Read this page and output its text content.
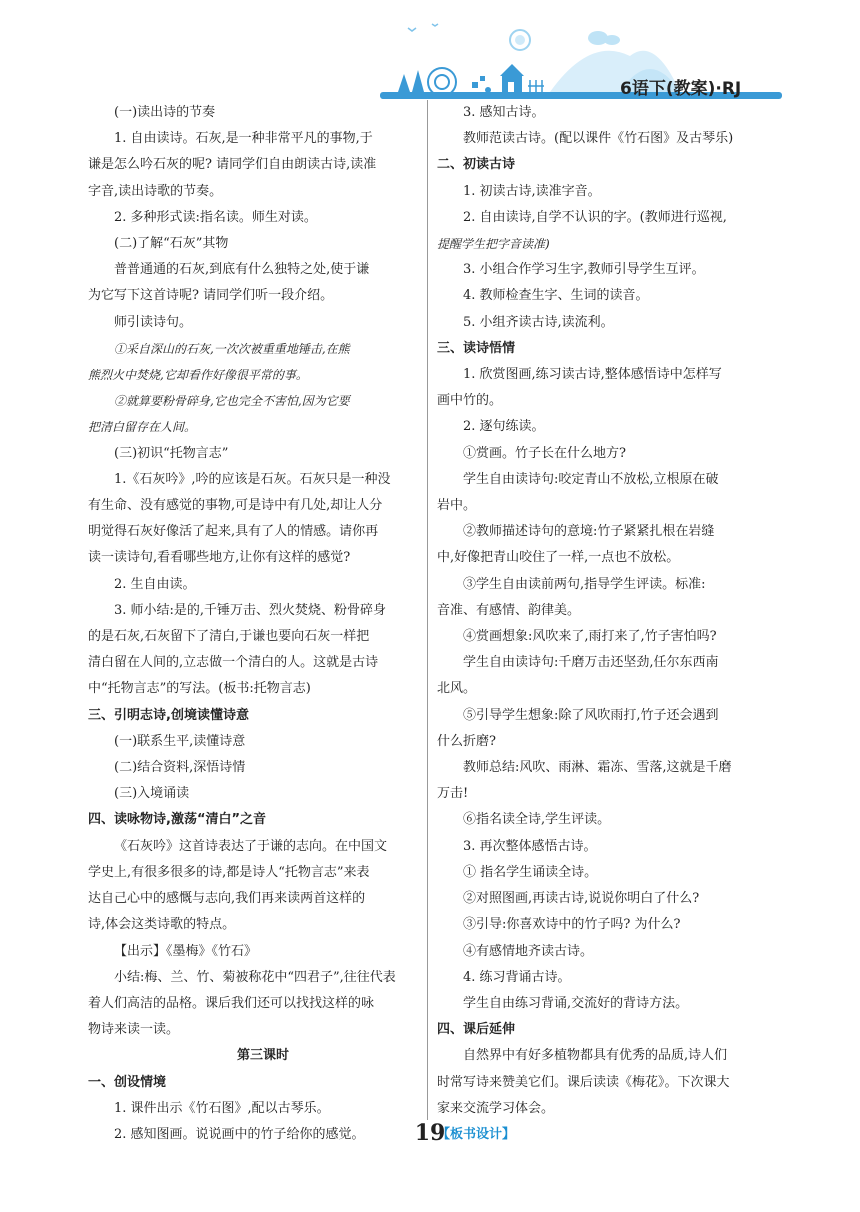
6语下(教案)·RJ
(一)读出诗的节奏
1. 自由读诗。石灰,是一种非常平凡的事物,于
谦是怎么吟石灰的呢? 请同学们自由朗读古诗,读准
字音,读出诗歌的节奏。
2. 多种形式读:指名读。师生对读。
(二)了解“石灰”其物
普普通通的石灰,到底有什么独特之处,使于谦
为它写下这首诗呢? 请同学们听一段介绍。
师引读诗句。
①采自深山的石灰,一次次被重重地锤击,在熊
熊烈火中焚烧,它却看作好像很平常的事。
②就算要粉骨碎身,它也完全不害怕,因为它要
把清白留存在人间。
(三)初识“托物言志”
1.《石灰吟》,吟的应该是石灰。石灰只是一种没
有生命、没有感觉的事物,可是诗中有几处,却让人分
明觉得石灰好像活了起来,具有了人的情感。请你再
读一读诗句,看看哪些地方,让你有这样的感觉?
2. 生自由读。
3. 师小结:是的,千锤万击、烈火焚烧、粉骨碎身
的是石灰,石灰留下了清白,于谦也要向石灰一样把
清白留在人间的,立志做一个清白的人。这就是古诗
中“托物言志”的写法。(板书:托物言志)
三、引明志诗,创境读懂诗意
(一)联系生平,读懂诗意
(二)结合资料,深悟诗情
(三)入境诵读
四、读咏物诗,激荡“清白”之音
《石灰吟》这首诗表达了于谦的志向。在中国文
学史上,有很多很多的诗,都是诗人“托物言志”来表
达自己心中的感慨与志向,我们再来读两首这样的
诗,体会这类诗歌的特点。
【出示】《墨梅》《竹石》
小结:梅、兰、竹、菊被称花中“四君子”,往往代表
着人们高洁的品格。课后我们还可以找找这样的咏
物诗来读一读。
第三课时
一、创设情境
1. 课件出示《竹石图》,配以古琴乐。
2. 感知图画。说说画中的竹子给你的感觉。
3. 感知古诗。
教师范读古诗。(配以课件《竹石图》及古琴乐)
二、初读古诗
1. 初读古诗,读准字音。
2. 自由读诗,自学不认识的字。(教师进行巡视,
提醒学生把字音读准)
3. 小组合作学习生字,教师引导学生互评。
4. 教师检查生字、生词的读音。
5. 小组齐读古诗,读流利。
三、读诗悟情
1. 欣赏图画,练习读古诗,整体感悟诗中怎样写
画中竹的。
2. 逐句练读。
①赏画。竹子长在什么地方?
学生自由读诗句:咬定青山不放松,立根原在破
岩中。
②教师描述诗句的意境:竹子紧紧扎根在岩缝
中,好像把青山咬住了一样,一点也不放松。
③学生自由读前两句,指导学生评读。标准:
音准、有感情、韵律美。
④赏画想象:风吹来了,雨打来了,竹子害怕吗?
学生自由读诗句:千磨万击还坚劲,任尔东西南
北风。
⑤引导学生想象:除了风吹雨打,竹子还会遇到
什么折磨?
教师总结:风吹、雨淋、霜冻、雪落,这就是千磨
万击!
⑥指名读全诗,学生评读。
3. 再次整体感悟古诗。
① 指名学生诵读全诗。
②对照图画,再读古诗,说说你明白了什么?
③引导:你喜欢诗中的竹子吗? 为什么?
④有感情地齐读古诗。
4. 练习背诵古诗。
学生自由练习背诵,交流好的背诗方法。
四、课后延伸
自然界中有好多植物都具有优秀的品质,诗人们
时常写诗来赞美它们。课后读读《梅花》。下次课大
家来交流学习体会。
【板书设计】
19
